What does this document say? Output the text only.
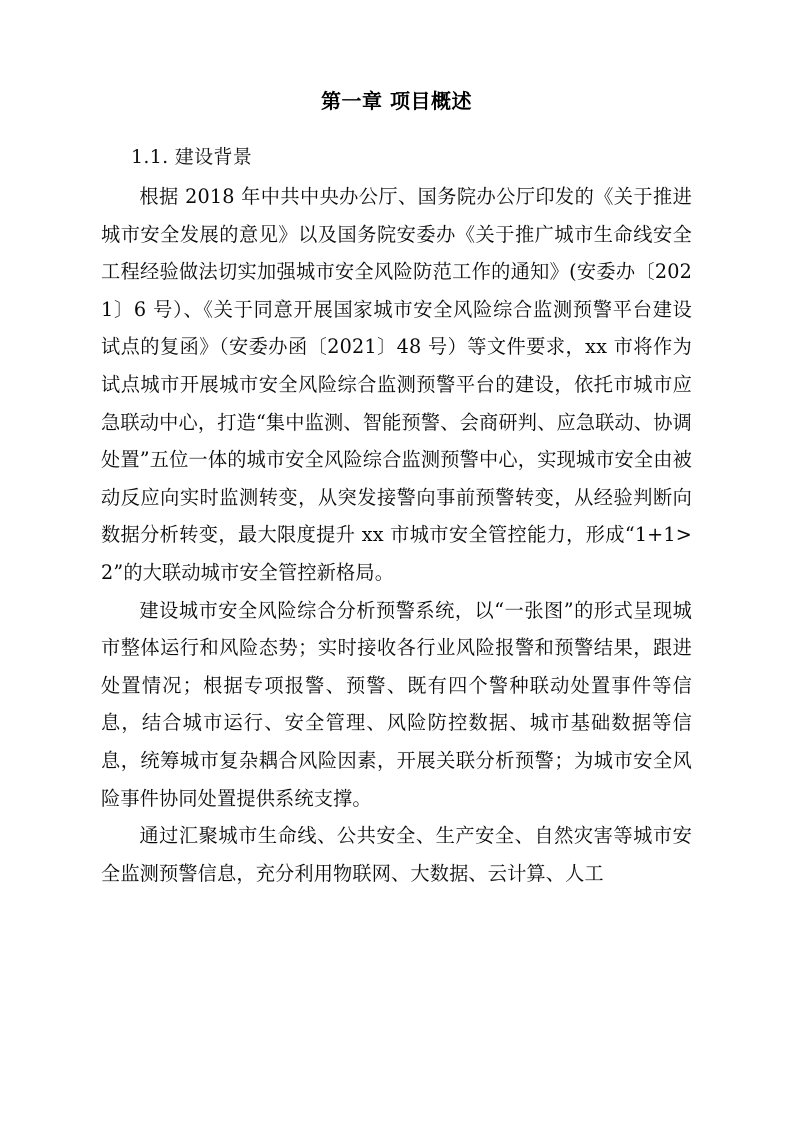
第一章 项目概述
1.1. 建设背景

根据 2018 年中共中央办公厅、国务院办公厅印发的《关于推进城市安全发展的意见》以及国务院安委办《关于推广城市生命线安全工程经验做法切实加强城市安全风险防范工作的通知》(安委办〔2021〕6 号）、《关于同意开展国家城市安全风险综合监测预警平台建设试点的复函》（安委办函〔2021〕48 号）等文件要求，xx 市将作为试点城市开展城市安全风险综合监测预警平台的建设，依托市城市应急联动中心，打造“集中监测、智能预警、会商研判、应急联动、协调处置”五位一体的城市安全风险综合监测预警中心，实现城市安全由被动反应向实时监测转变，从突发接警向事前预警转变，从经验判断向数据分析转变，最大限度提升 xx 市城市安全管控能力，形成“1+1>2”的大联动城市安全管控新格局。

建设城市安全风险综合分析预警系统，以“一张图”的形式呈现城市整体运行和风险态势；实时接收各行业风险报警和预警结果，跟进处置情况；根据专项报警、预警、既有四个警种联动处置事件等信息，结合城市运行、安全管理、风险防控数据、城市基础数据等信息，统筹城市复杂耦合风险因素，开展关联分析预警；为城市安全风险事件协同处置提供系统支撑。

通过汇聚城市生命线、公共安全、生产安全、自然灾害等城市安全监测预警信息，充分利用物联网、大数据、云计算、人工
